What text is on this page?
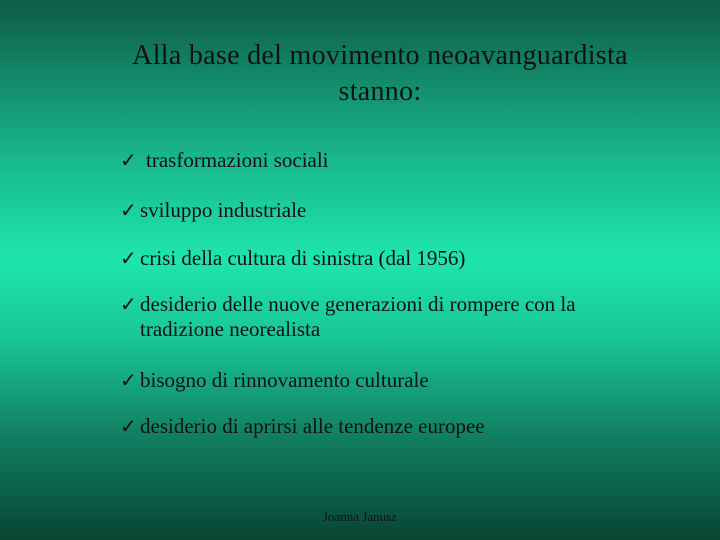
Alla base del movimento neoavanguardista
stanno:
✓ trasformazioni sociali
✓ sviluppo industriale
✓ crisi della cultura di sinistra (dal 1956)
✓ desiderio delle nuove generazioni di rompere con la tradizione neorealista
✓ bisogno di rinnovamento culturale
✓ desiderio di aprirsi alle tendenze europee
Joanna Janusz
